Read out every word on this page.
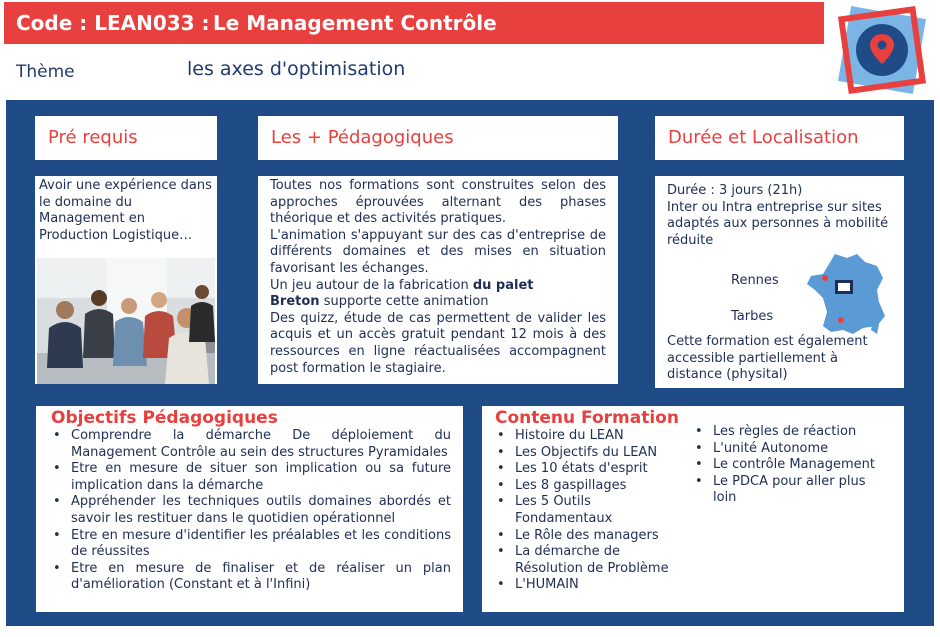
Code : LEAN033 : Le Management Contrôle
Thème	les axes d'optimisation
Pré requis	Les + Pédagogiques	Durée et Localisation
Avoir une expérience dans le domaine du Management en Production Logistique…
Toutes nos formations sont construites selon des approches éprouvées alternant des phases théorique et des activités pratiques.
L'animation s'appuyant sur des cas d'entreprise de différents domaines et des mises en situation favorisant les échanges.
Un jeu autour de la fabrication du palet
Breton supporte cette animation
Des quizz, étude de cas permettent de valider les acquis et un accès gratuit pendant 12 mois à des ressources en ligne réactualisées accompagnent post formation le stagiaire.
Durée : 3 jours (21h)
Inter ou Intra entreprise sur sites adaptés aux personnes à mobilité réduite
Rennes
Tarbes
Cette formation est également accessible partiellement à distance (physital)
Objectifs Pédagogiques
• Comprendre la démarche De déploiement du Management Contrôle au sein des structures Pyramidales
• Etre en mesure de situer son implication ou sa future implication dans la démarche
• Appréhender les techniques outils domaines abordés et savoir les restituer dans le quotidien opérationnel
• Etre en mesure d'identifier les préalables et les conditions de réussites
• Etre en mesure de finaliser et de réaliser un plan d'amélioration (Constant et à l'Infini)
Contenu Formation
• Histoire du LEAN
• Les Objectifs du LEAN
• Les 10 états d'esprit
• Les 8 gaspillages
• Les 5 Outils Fondamentaux
• Le Rôle des managers
• La démarche de Résolution de Problème
• L'HUMAIN
• Les règles de réaction
• L'unité Autonome
• Le contrôle Management
• Le PDCA pour aller plus loin
